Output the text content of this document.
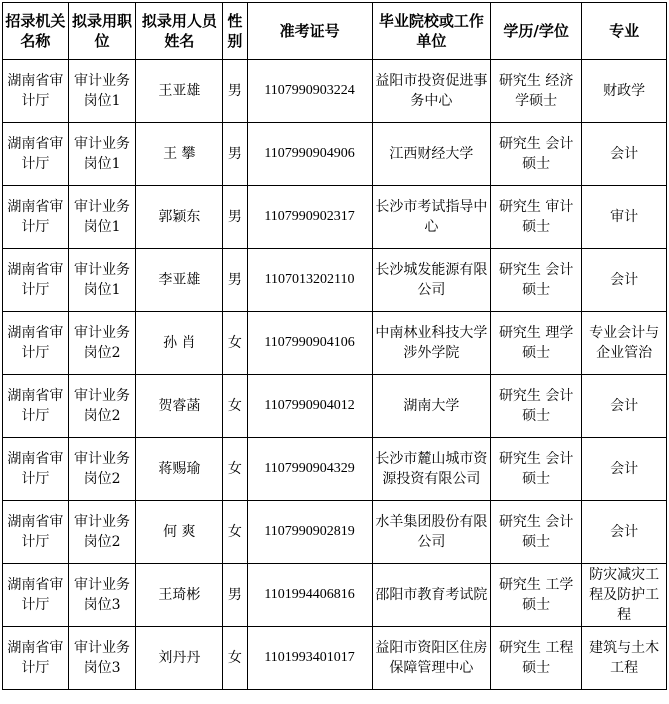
招录机关名称	拟录用职位	拟录用人员姓名	性别	准考证号	毕业院校或工作单位	学历/学位	专业

湖南省审计厅	审计业务岗位1	王亚雄	男	1107990903224	益阳市投资促进事务中心	研究生 经济学硕士	财政学

湖南省审计厅	审计业务岗位1	王 攀	男	1107990904906	江西财经大学	研究生 会计硕士	会计

湖南省审计厅	审计业务岗位1	郭颖东	男	1107990902317	长沙市考试指导中心	研究生 审计硕士	审计

湖南省审计厅	审计业务岗位1	李亚雄	男	1107013202110	长沙城发能源有限公司	研究生 会计硕士	会计

湖南省审计厅	审计业务岗位2	孙 肖	女	1107990904106	中南林业科技大学涉外学院	研究生 理学硕士	专业会计与企业管治

湖南省审计厅	审计业务岗位2	贺睿菡	女	1107990904012	湖南大学	研究生 会计硕士	会计

湖南省审计厅	审计业务岗位2	蒋赐瑜	女	1107990904329	长沙市麓山城市资源投资有限公司	研究生 会计硕士	会计

湖南省审计厅	审计业务岗位2	何 爽	女	1107990902819	水羊集团股份有限公司	研究生 会计硕士	会计

湖南省审计厅	审计业务岗位3	王琦彬	男	1101994406816	邵阳市教育考试院	研究生 工学硕士	防灾减灾工程及防护工程

湖南省审计厅	审计业务岗位3	刘丹丹	女	1101993401017	益阳市资阳区住房保障管理中心	研究生 工程硕士	建筑与土木工程
